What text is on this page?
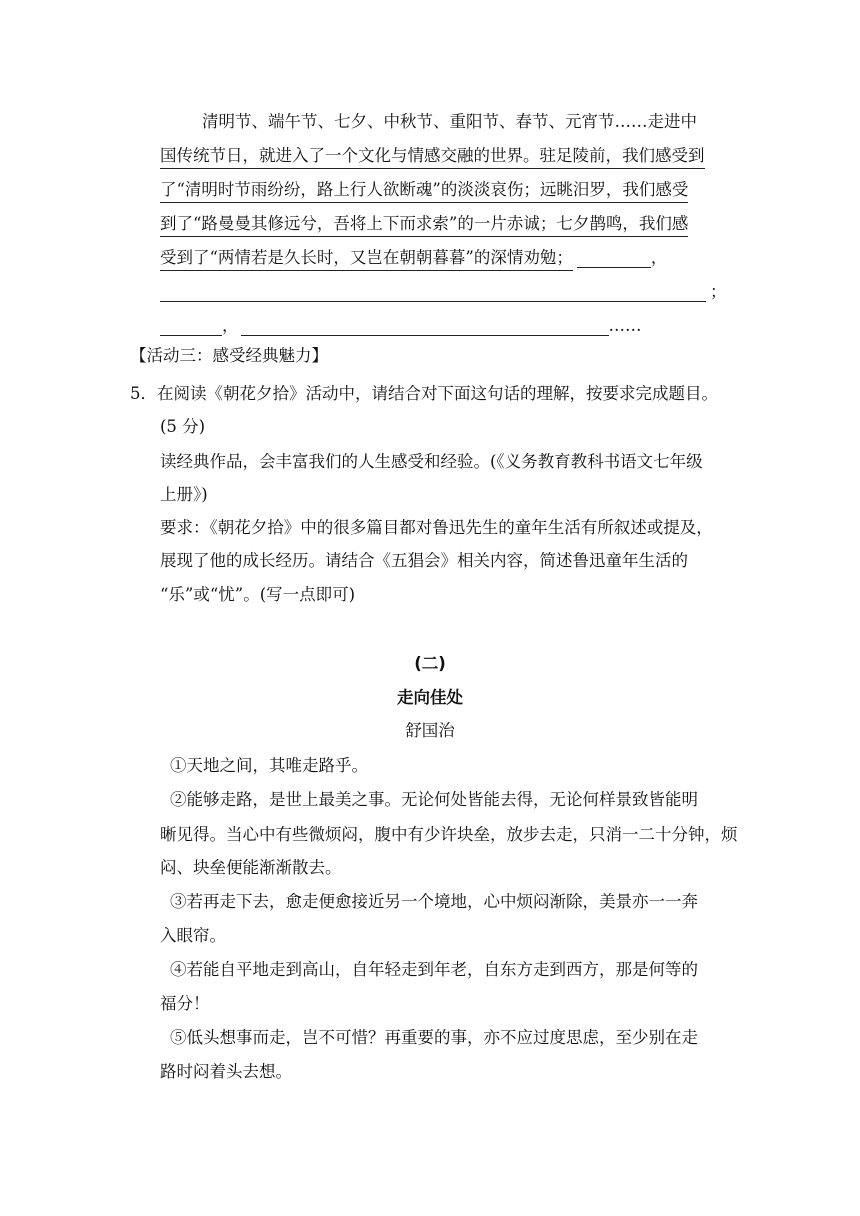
清明节、端午节、七夕、中秋节、重阳节、春节、元宵节……走进中
国传统节日，就进入了一个文化与情感交融的世界。驻足陵前，我们感受到
了“清明时节雨纷纷，路上行人欲断魂”的淡淡哀伤；远眺汨罗，我们感受
到了“路曼曼其修远兮，吾将上下而求索”的一片赤诚；七夕鹊鸣，我们感
受到了“两情若是久长时，又岂在朝朝暮暮”的深情劝勉；	，
；
，	……
【活动三：感受经典魅力】
5．在阅读《朝花夕拾》活动中，请结合对下面这句话的理解，按要求完成题目。
(5 分)
读经典作品，会丰富我们的人生感受和经验。(《义务教育教科书语文七年级
上册》)
要求：《朝花夕拾》中的很多篇目都对鲁迅先生的童年生活有所叙述或提及，
展现了他的成长经历。请结合《五猖会》相关内容，简述鲁迅童年生活的
“乐”或“忧”。(写一点即可)
(二)
走向佳处
舒国治
①天地之间，其唯走路乎。
②能够走路，是世上最美之事。无论何处皆能去得，无论何样景致皆能明
晰见得。当心中有些微烦闷，腹中有少许块垒，放步去走，只消一二十分钟，烦
闷、块垒便能渐渐散去。
③若再走下去，愈走便愈接近另一个境地，心中烦闷渐除，美景亦一一奔
入眼帘。
④若能自平地走到高山，自年轻走到年老，自东方走到西方，那是何等的
福分！
⑤低头想事而走，岂不可惜？再重要的事，亦不应过度思虑，至少别在走
路时闷着头去想。
